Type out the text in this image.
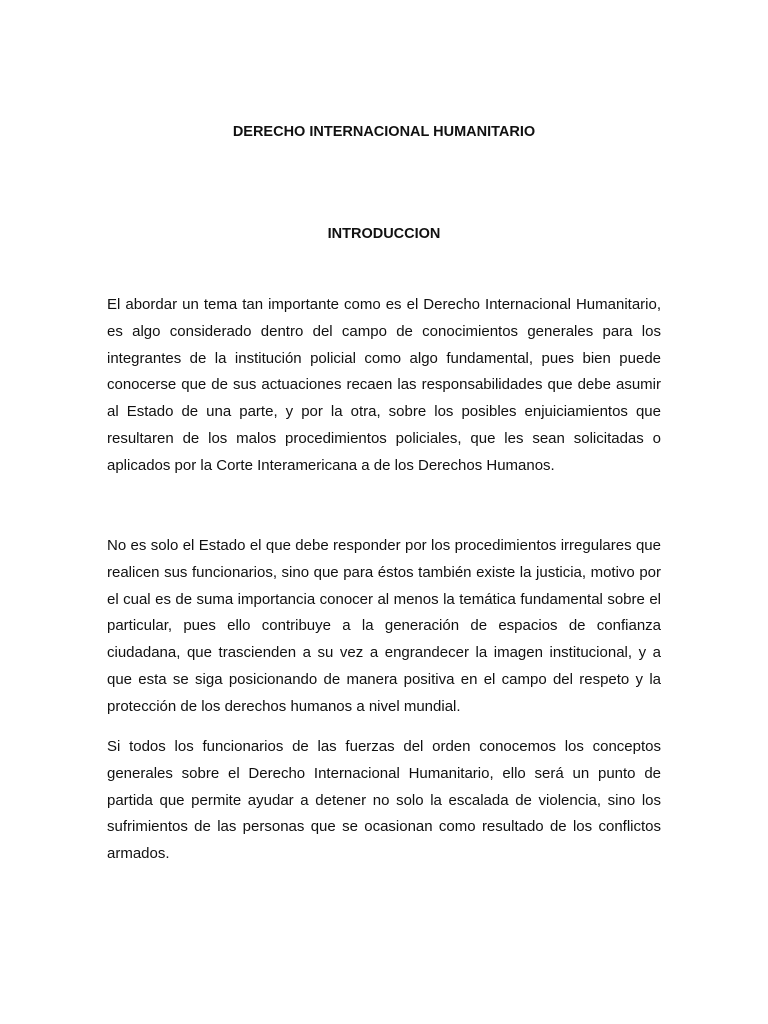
DERECHO INTERNACIONAL HUMANITARIO
INTRODUCCION

El abordar un tema tan importante como es el Derecho Internacional Humanitario, es algo considerado dentro del campo de conocimientos generales para los integrantes de la institución policial como algo fundamental, pues bien puede conocerse que de sus actuaciones recaen las responsabilidades que debe asumir al Estado de una parte, y por la otra, sobre los posibles enjuiciamientos que resultaren de los malos procedimientos policiales, que les sean solicitadas o aplicados por la Corte Interamericana a de los Derechos Humanos.

No es solo el Estado el que debe responder por los procedimientos irregulares que realicen sus funcionarios, sino que para éstos también existe la justicia, motivo por el cual es de suma importancia conocer al menos la temática fundamental sobre el particular, pues ello contribuye a la generación de espacios de confianza ciudadana, que trascienden a su vez a engrandecer la imagen institucional, y a que esta se siga posicionando de manera positiva en el campo del respeto y la protección de los derechos humanos a nivel mundial.

Si todos los funcionarios de las fuerzas del orden conocemos los conceptos generales sobre el Derecho Internacional Humanitario, ello será un punto de partida que permite ayudar a detener no solo la escalada de violencia, sino los sufrimientos de las personas que se ocasionan como resultado de los conflictos armados.
